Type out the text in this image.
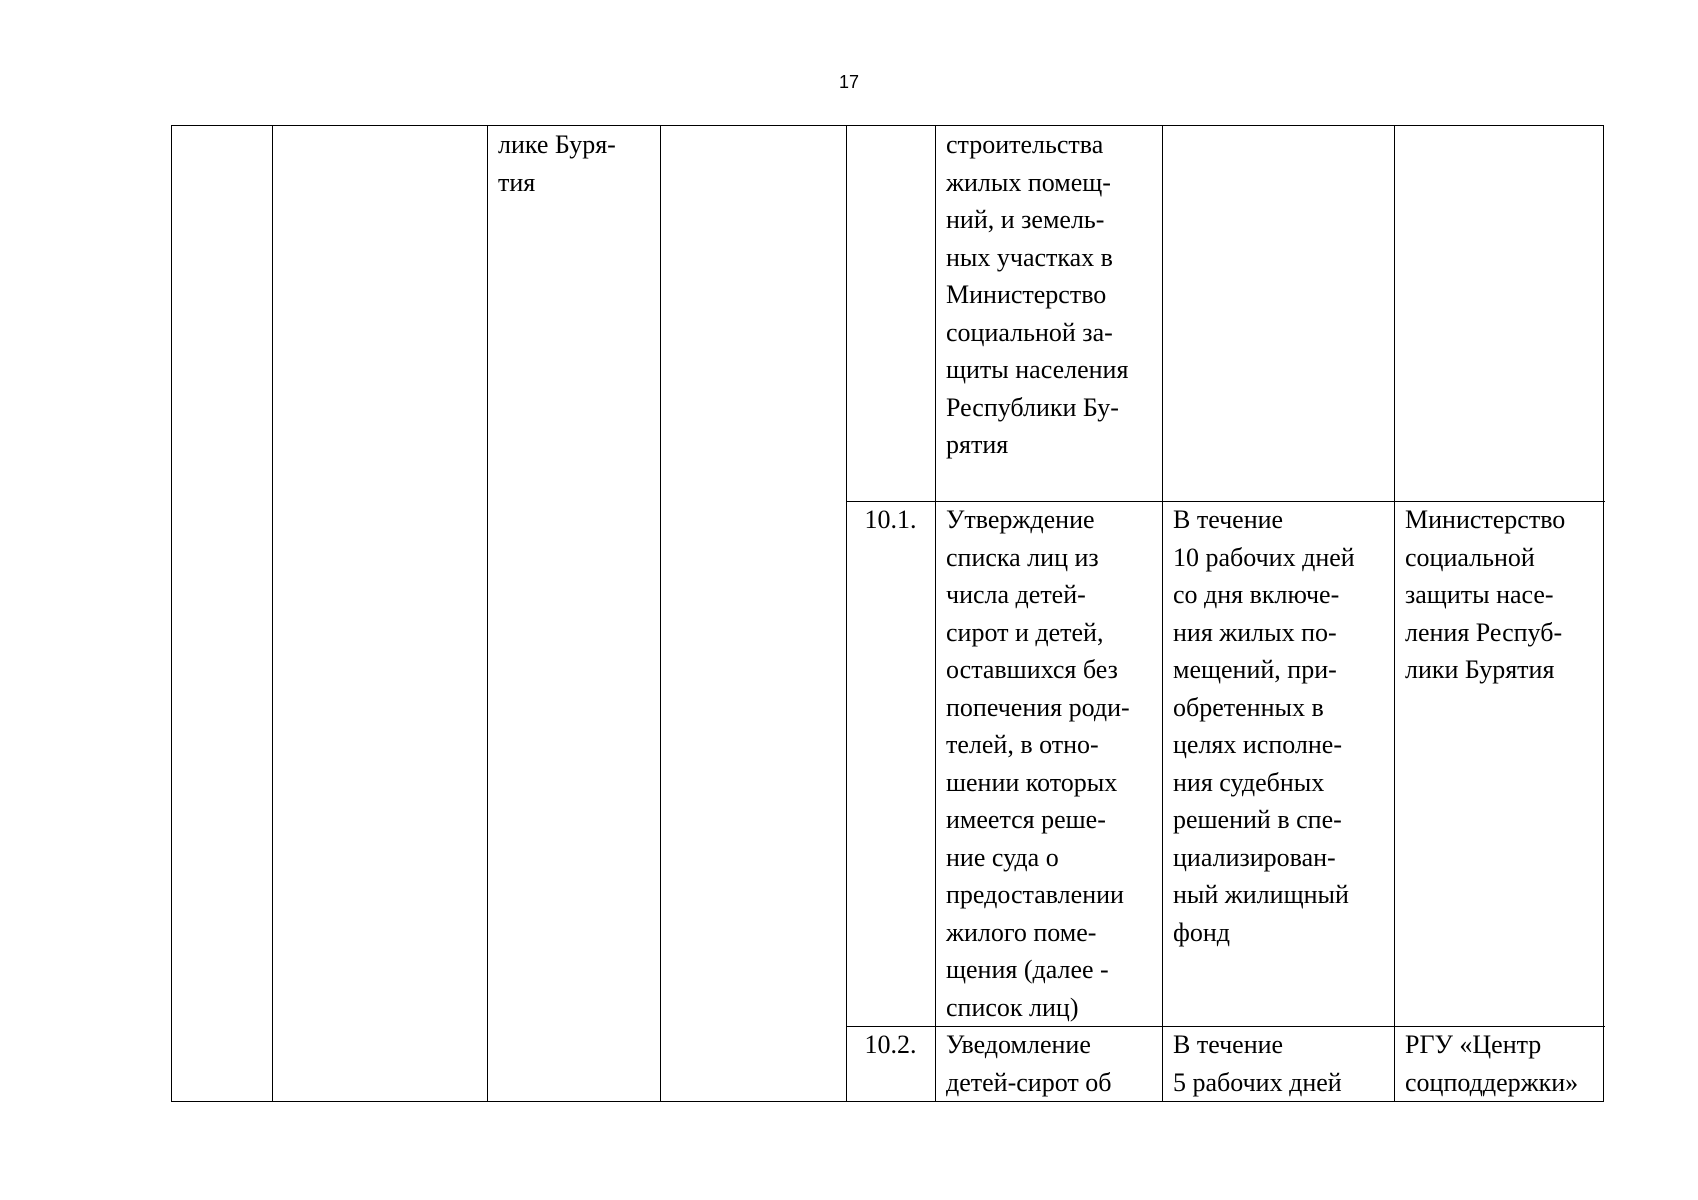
17
лике Буря-
тия
строительства
жилых помещ-
ний, и земель-
ных участках в
Министерство
социальной за-
щиты населения
Республики Бу-
рятия
10.1.	Утверждение
списка лиц из
числа детей-
сирот и детей,
оставшихся без
попечения роди-
телей, в отно-
шении которых
имеется реше-
ние суда о
предоставлении
жилого поме-
щения (далее -
список лиц)
В течение
10 рабочих дней
со дня включе-
ния жилых по-
мещений, при-
обретенных в
целях исполне-
ния судебных
решений в спе-
циализирован-
ный жилищный
фонд
Министерство
социальной
защиты насе-
ления Респуб-
лики Бурятия
10.2.	Уведомление
детей-сирот об
В течение
5 рабочих дней
РГУ «Центр
соцподдержки»
